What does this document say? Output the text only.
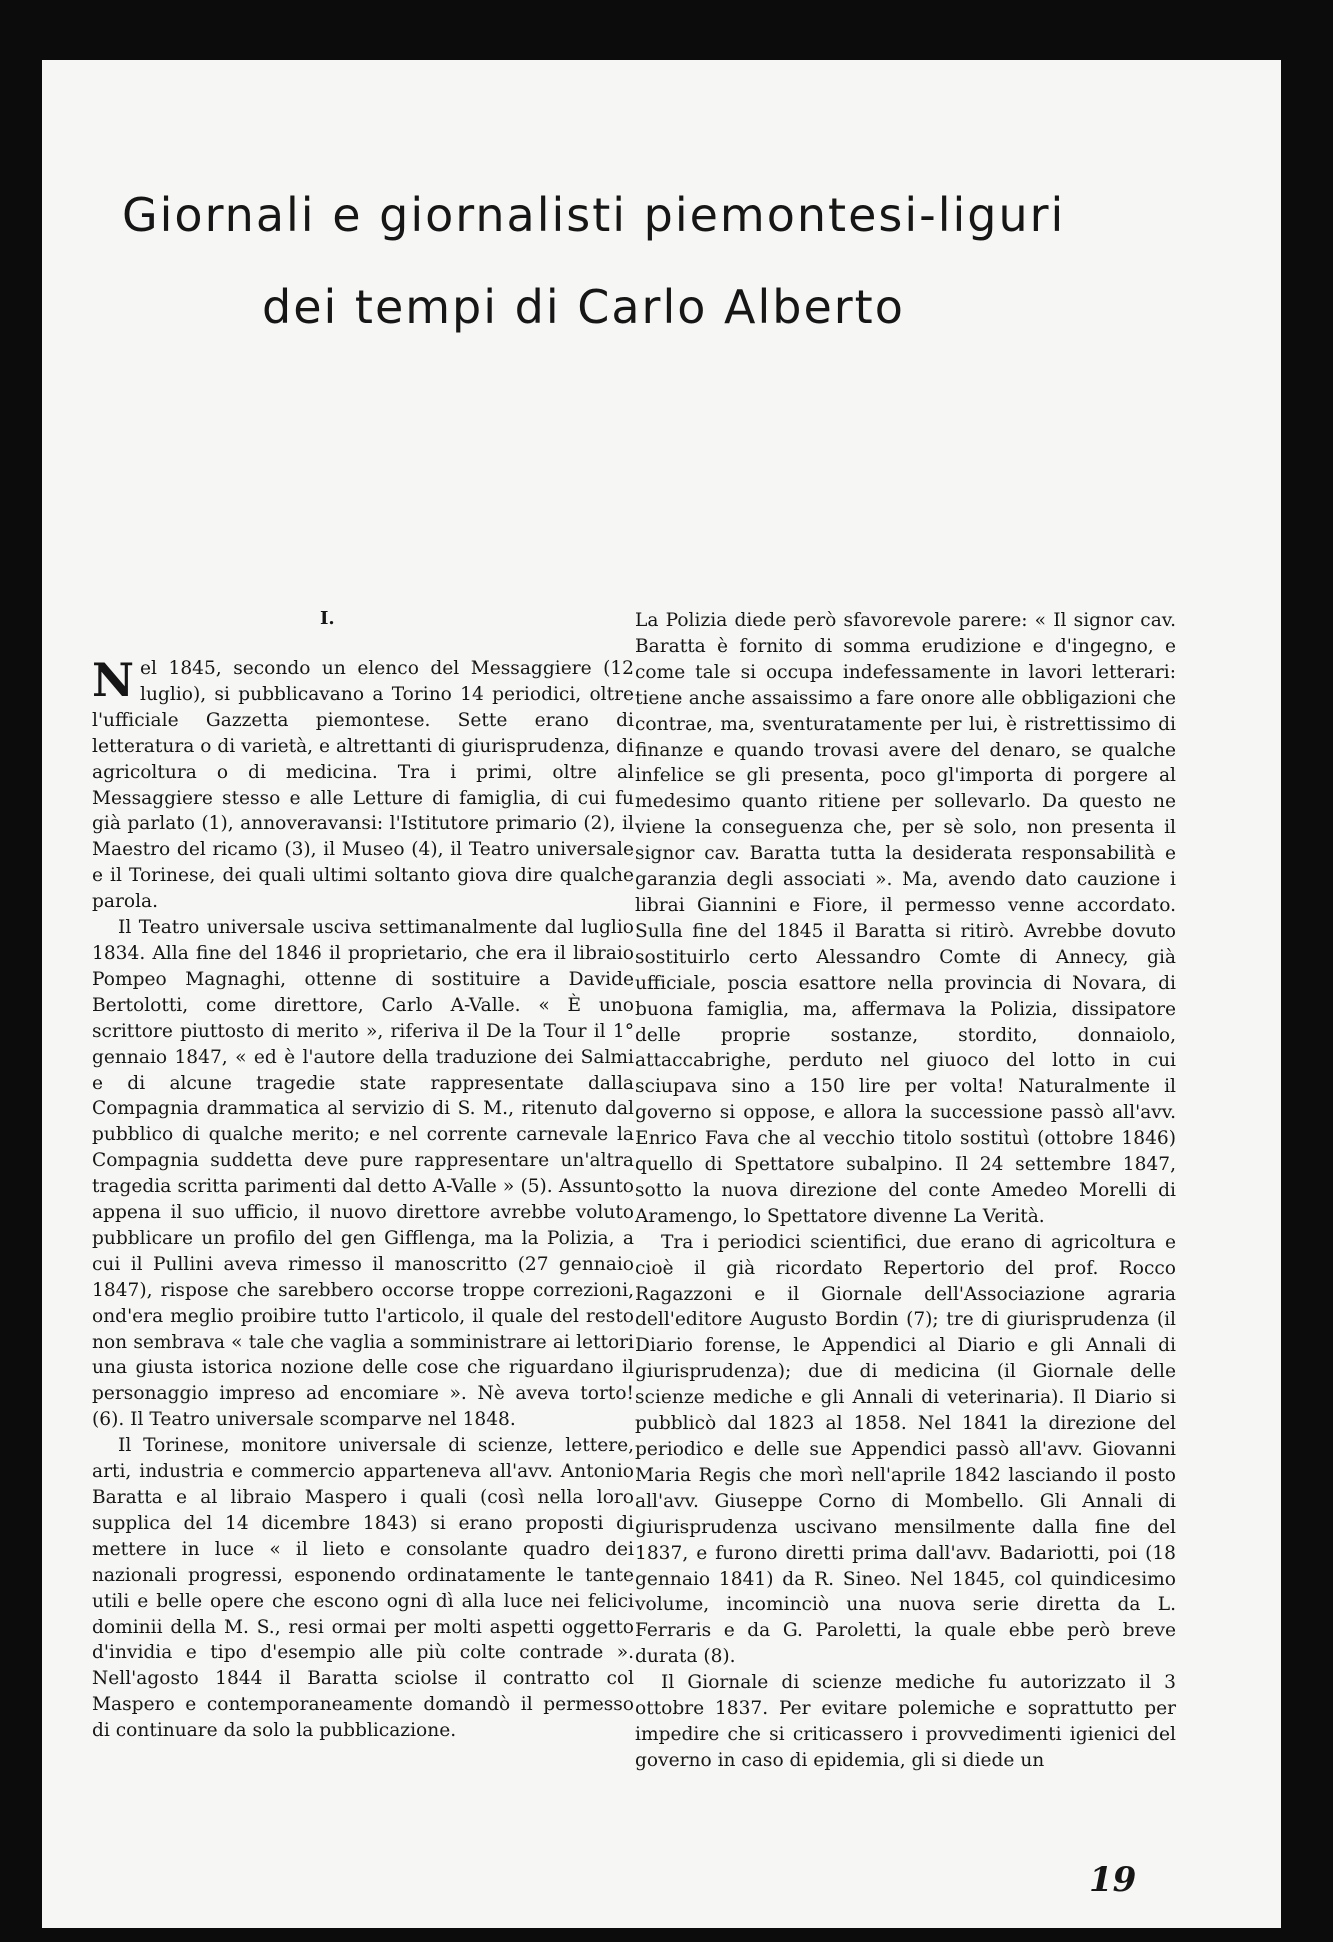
Giornali e giornalisti piemontesi-liguri
dei tempi di Carlo Alberto
I.

Nel 1845, secondo un elenco del Messaggiere (12 luglio), si pubblicavano a Torino 14 periodici, oltre l'ufficiale Gazzetta piemontese. Sette erano di letteratura o di varietà, e altrettanti di giurisprudenza, di agricoltura o di medicina. Tra i primi, oltre al Messaggiere stesso e alle Letture di famiglia, di cui fu già parlato (1), annoveravansi: l'Istitutore primario (2), il Maestro del ricamo (3), il Museo (4), il Teatro universale e il Torinese, dei quali ultimi soltanto giova dire qualche parola.

Il Teatro universale usciva settimanalmente dal luglio 1834. Alla fine del 1846 il proprietario, che era il libraio Pompeo Magnaghi, ottenne di sostituire a Davide Bertolotti, come direttore, Carlo A-Valle. « È uno scrittore piuttosto di merito », riferiva il De la Tour il 1° gennaio 1847, « ed è l'autore della traduzione dei Salmi e di alcune tragedie state rappresentate dalla Compagnia drammatica al servizio di S. M., ritenuto dal pubblico di qualche merito; e nel corrente carnevale la Compagnia suddetta deve pure rappresentare un'altra tragedia scritta parimenti dal detto A-Valle » (5). Assunto appena il suo ufficio, il nuovo direttore avrebbe voluto pubblicare un profilo del gen Gifflenga, ma la Polizia, a cui il Pullini aveva rimesso il manoscritto (27 gennaio 1847), rispose che sarebbero occorse troppe correzioni, ond'era meglio proibire tutto l'articolo, il quale del resto non sembrava « tale che vaglia a somministrare ai lettori una giusta istorica nozione delle cose che riguardano il personaggio impreso ad encomiare ». Nè aveva torto! (6). Il Teatro universale scomparve nel 1848.

Il Torinese, monitore universale di scienze, lettere, arti, industria e commercio apparteneva all'avv. Antonio Baratta e al libraio Maspero i quali (così nella loro supplica del 14 dicembre 1843) si erano proposti di mettere in luce « il lieto e consolante quadro dei nazionali progressi, esponendo ordinatamente le tante utili e belle opere che escono ogni dì alla luce nei felici dominii della M. S., resi ormai per molti aspetti oggetto d'invidia e tipo d'esempio alle più colte contrade ». Nell'agosto 1844 il Baratta sciolse il contratto col Maspero e contemporaneamente domandò il permesso di continuare da solo la pubblicazione.

La Polizia diede però sfavorevole parere: « Il signor cav. Baratta è fornito di somma erudizione e d'ingegno, e come tale si occupa indefessamente in lavori letterari: tiene anche assaissimo a fare onore alle obbligazioni che contrae, ma, sventuratamente per lui, è ristrettissimo di finanze e quando trovasi avere del denaro, se qualche infelice se gli presenta, poco gl'importa di porgere al medesimo quanto ritiene per sollevarlo. Da questo ne viene la conseguenza che, per sè solo, non presenta il signor cav. Baratta tutta la desiderata responsabilità e garanzia degli associati ». Ma, avendo dato cauzione i librai Giannini e Fiore, il permesso venne accordato. Sulla fine del 1845 il Baratta si ritirò. Avrebbe dovuto sostituirlo certo Alessandro Comte di Annecy, già ufficiale, poscia esattore nella provincia di Novara, di buona famiglia, ma, affermava la Polizia, dissipatore delle proprie sostanze, stordito, donnaiolo, attaccabrighe, perduto nel giuoco del lotto in cui sciupava sino a 150 lire per volta! Naturalmente il governo si oppose, e allora la successione passò all'avv. Enrico Fava che al vecchio titolo sostituì (ottobre 1846) quello di Spettatore subalpino. Il 24 settembre 1847, sotto la nuova direzione del conte Amedeo Morelli di Aramengo, lo Spettatore divenne La Verità.

Tra i periodici scientifici, due erano di agricoltura e cioè il già ricordato Repertorio del prof. Rocco Ragazzoni e il Giornale dell'Associazione agraria dell'editore Augusto Bordin (7); tre di giurisprudenza (il Diario forense, le Appendici al Diario e gli Annali di giurisprudenza); due di medicina (il Giornale delle scienze mediche e gli Annali di veterinaria). Il Diario si pubblicò dal 1823 al 1858. Nel 1841 la direzione del periodico e delle sue Appendici passò all'avv. Giovanni Maria Regis che morì nell'aprile 1842 lasciando il posto all'avv. Giuseppe Corno di Mombello. Gli Annali di giurisprudenza uscivano mensilmente dalla fine del 1837, e furono diretti prima dall'avv. Badariotti, poi (18 gennaio 1841) da R. Sineo. Nel 1845, col quindicesimo volume, incominciò una nuova serie diretta da L. Ferraris e da G. Paroletti, la quale ebbe però breve durata (8).

Il Giornale di scienze mediche fu autorizzato il 3 ottobre 1837. Per evitare polemiche e soprattutto per impedire che si criticassero i provvedimenti igienici del governo in caso di epidemia, gli si diede un

19
